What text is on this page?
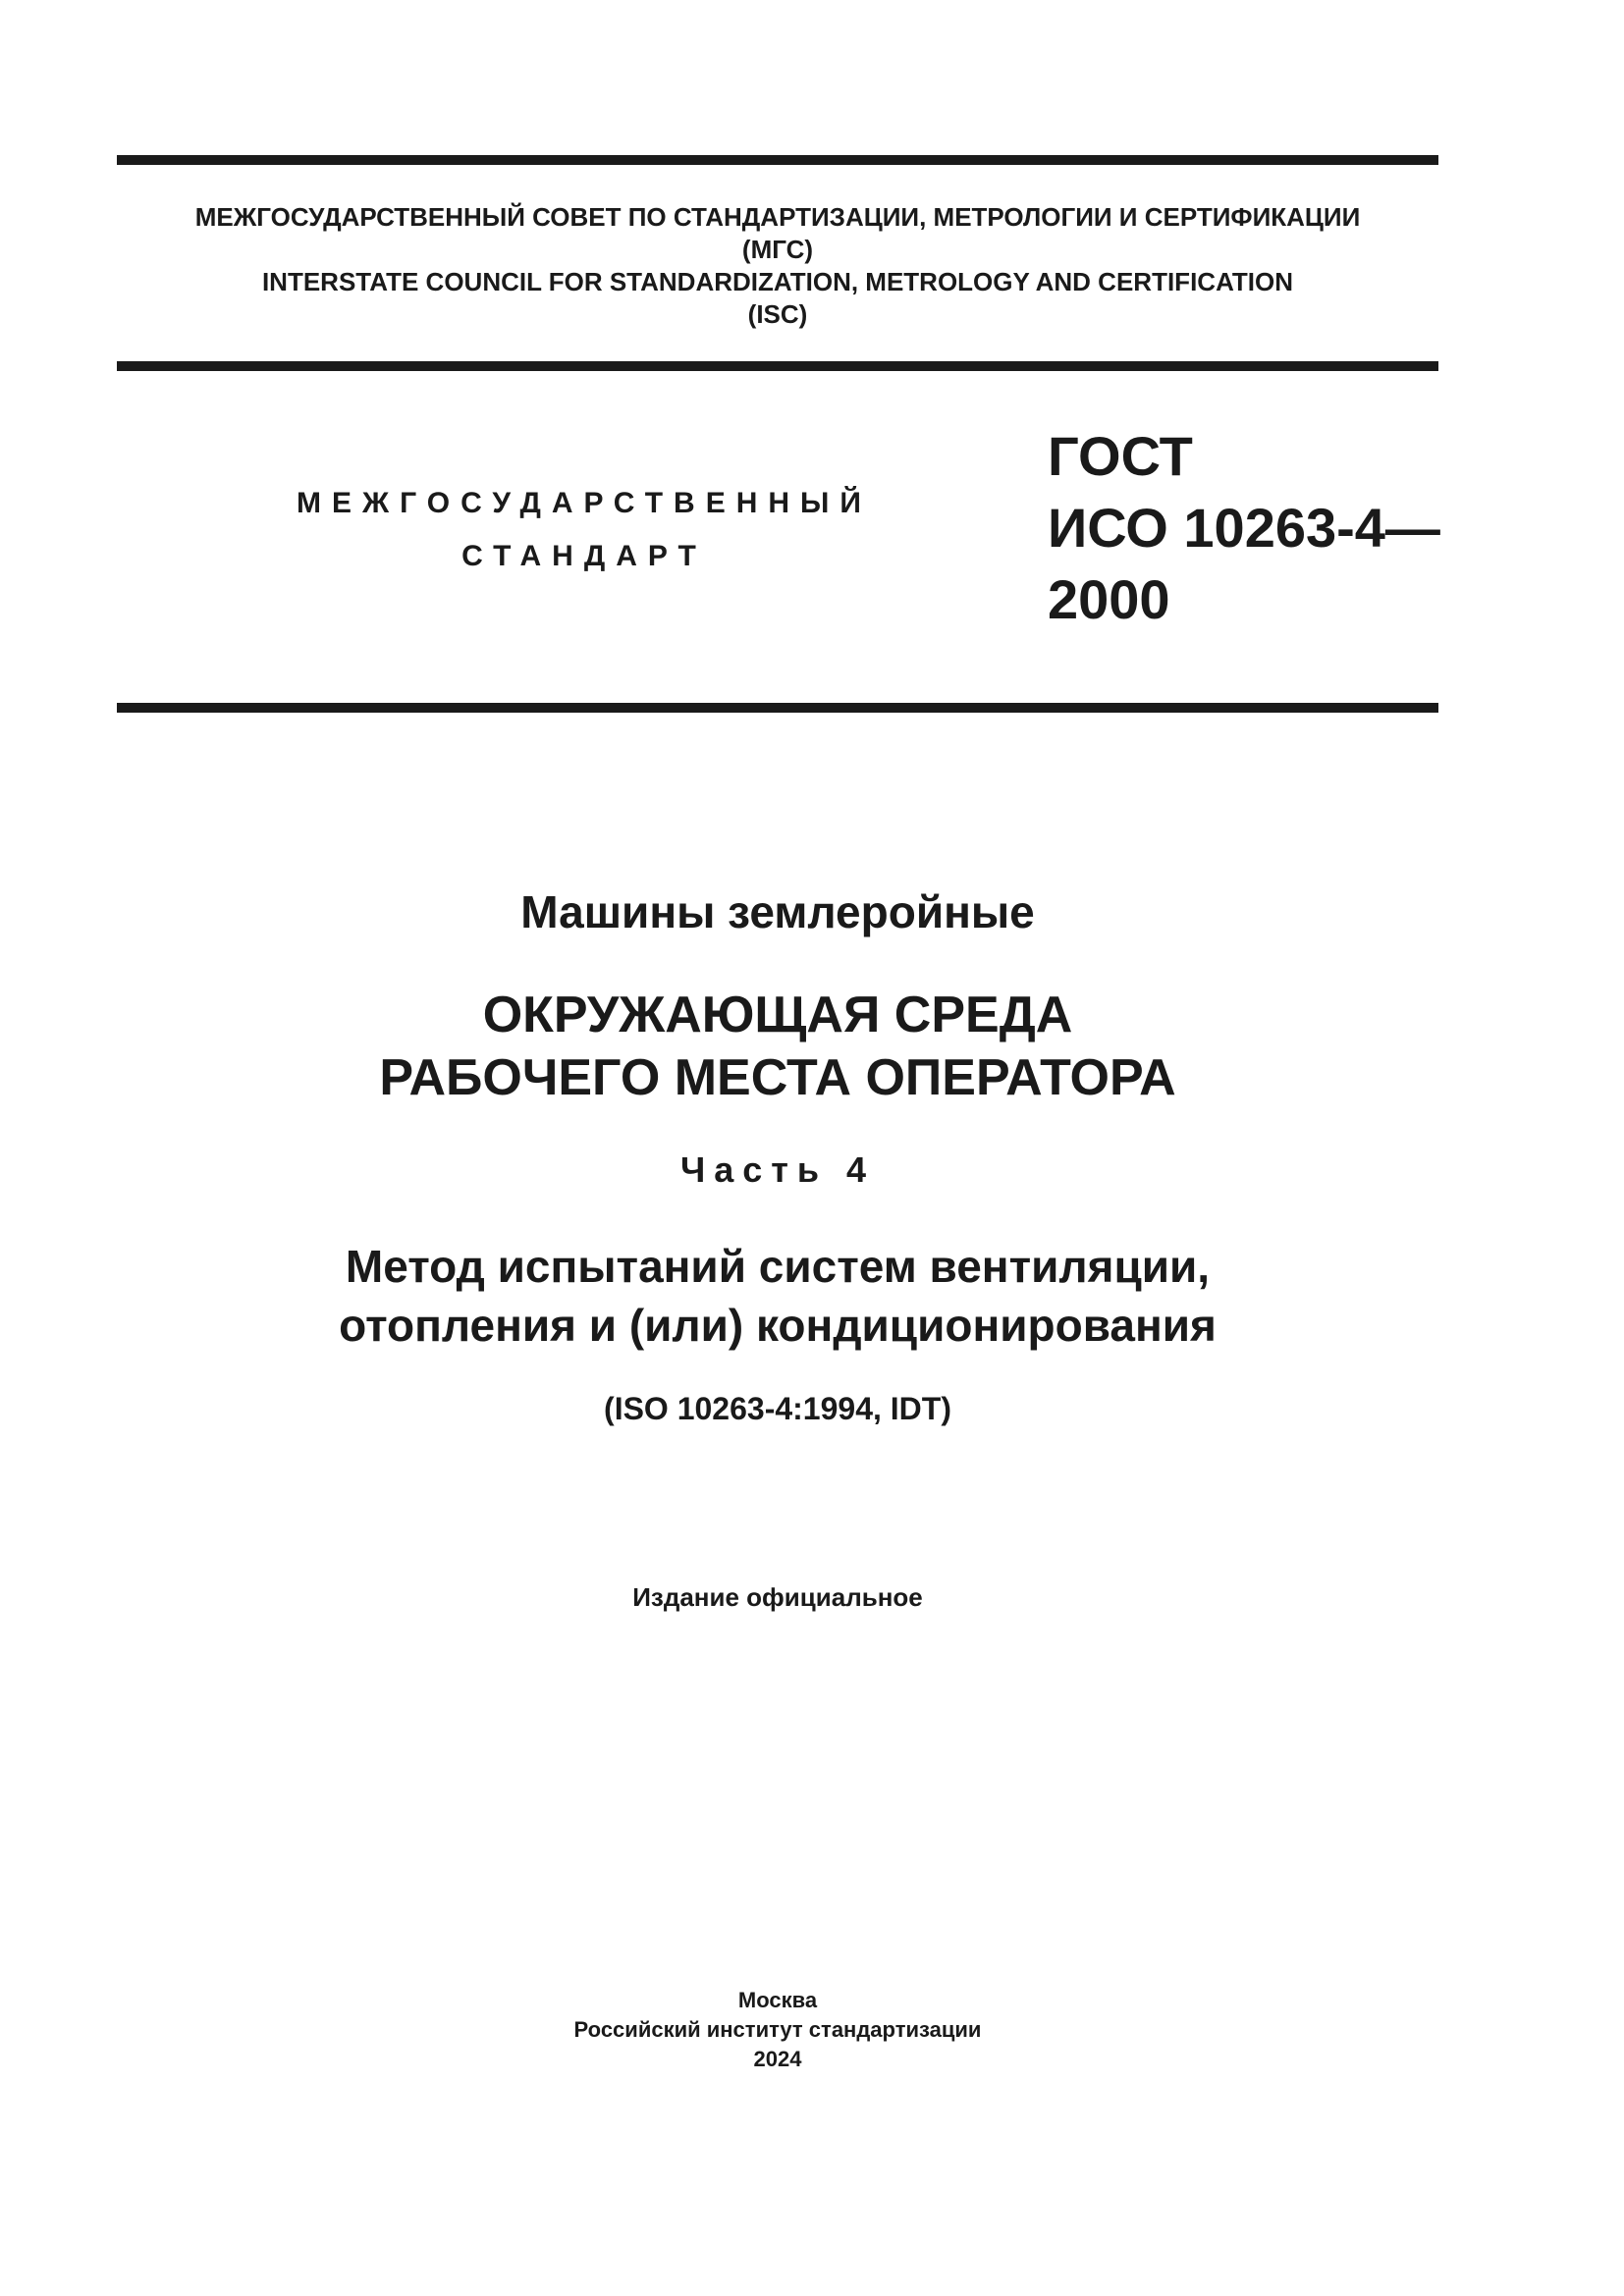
МЕЖГОСУДАРСТВЕННЫЙ СОВЕТ ПО СТАНДАРТИЗАЦИИ, МЕТРОЛОГИИ И СЕРТИФИКАЦИИ
(МГС)
INTERSTATE COUNCIL FOR STANDARDIZATION, METROLOGY AND CERTIFICATION
(ISC)
МЕЖГОСУДАРСТВЕННЫЙ
СТАНДАРТ
ГОСТ
ИСО 10263-4—
2000
Машины землеройные
ОКРУЖАЮЩАЯ СРЕДА
РАБОЧЕГО МЕСТА ОПЕРАТОРА
Часть 4
Метод испытаний систем вентиляции,
отопления и (или) кондиционирования
(ISO 10263-4:1994, IDT)
Издание официальное
Москва
Российский институт стандартизации
2024
